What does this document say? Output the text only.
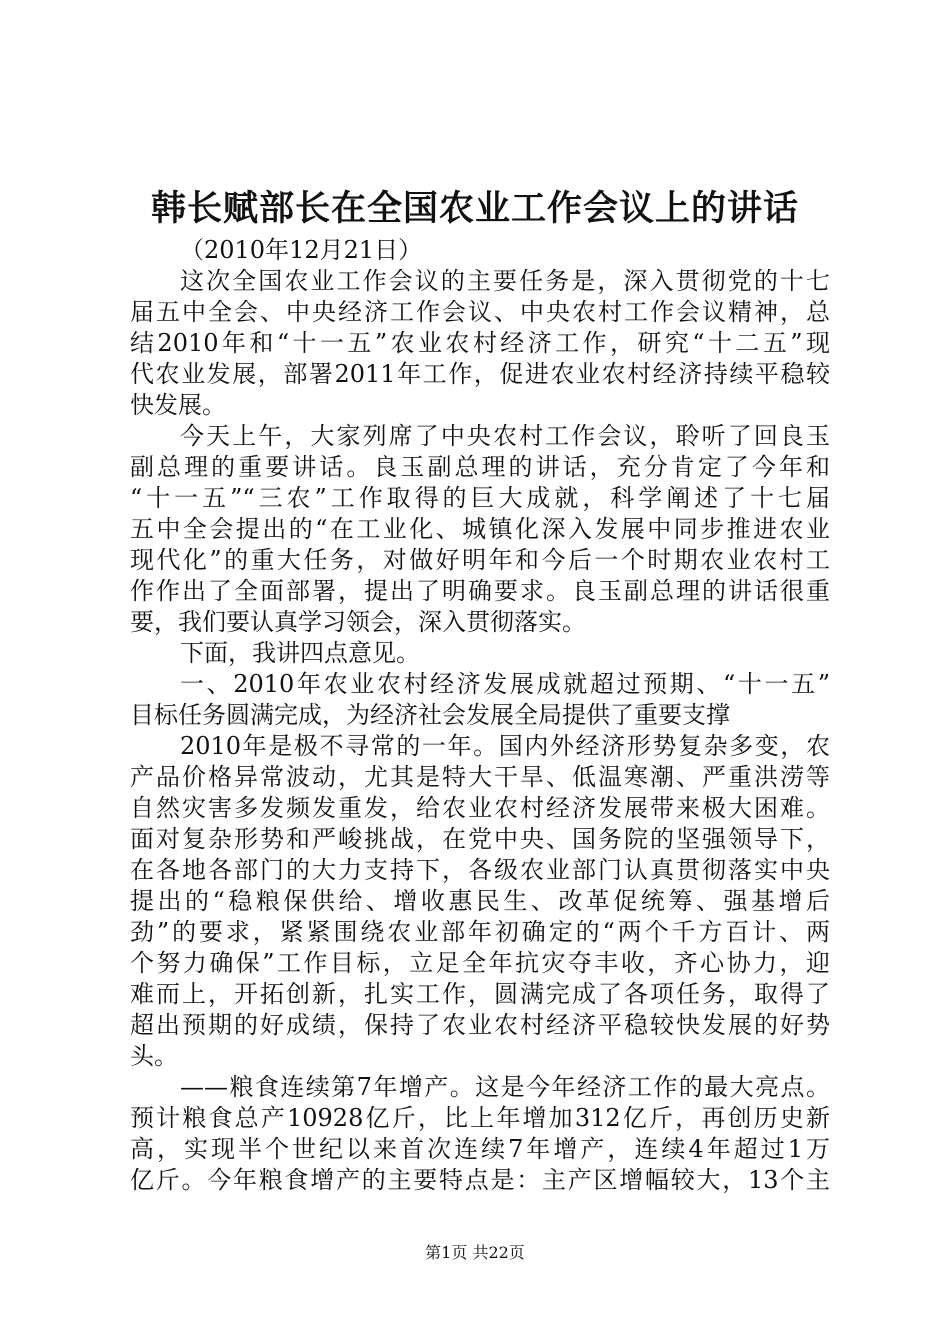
韩长赋部长在全国农业工作会议上的讲话
（2010年12月21日）
这次全国农业工作会议的主要任务是，深入贯彻党的十七
届五中全会、中央经济工作会议、中央农村工作会议精神，总
结2010年和“十一五”农业农村经济工作，研究“十二五”现
代农业发展，部署2011年工作，促进农业农村经济持续平稳较
快发展。
今天上午，大家列席了中央农村工作会议，聆听了回良玉
副总理的重要讲话。良玉副总理的讲话，充分肯定了今年和
“十一五”“三农”工作取得的巨大成就，科学阐述了十七届
五中全会提出的“在工业化、城镇化深入发展中同步推进农业
现代化”的重大任务，对做好明年和今后一个时期农业农村工
作作出了全面部署，提出了明确要求。良玉副总理的讲话很重
要，我们要认真学习领会，深入贯彻落实。
下面，我讲四点意见。
一、2010年农业农村经济发展成就超过预期、“十一五”
目标任务圆满完成，为经济社会发展全局提供了重要支撑
2010年是极不寻常的一年。国内外经济形势复杂多变，农
产品价格异常波动，尤其是特大干旱、低温寒潮、严重洪涝等
自然灾害多发频发重发，给农业农村经济发展带来极大困难。
面对复杂形势和严峻挑战，在党中央、国务院的坚强领导下，
在各地各部门的大力支持下，各级农业部门认真贯彻落实中央
提出的“稳粮保供给、增收惠民生、改革促统筹、强基增后
劲”的要求，紧紧围绕农业部年初确定的“两个千方百计、两
个努力确保”工作目标，立足全年抗灾夺丰收，齐心协力，迎
难而上，开拓创新，扎实工作，圆满完成了各项任务，取得了
超出预期的好成绩，保持了农业农村经济平稳较快发展的好势
头。
——粮食连续第7年增产。这是今年经济工作的最大亮点。
预计粮食总产10928亿斤，比上年增加312亿斤，再创历史新
高，实现半个世纪以来首次连续7年增产，连续4年超过1万
亿斤。今年粮食增产的主要特点是：主产区增幅较大，13个主
第1页 共22页
